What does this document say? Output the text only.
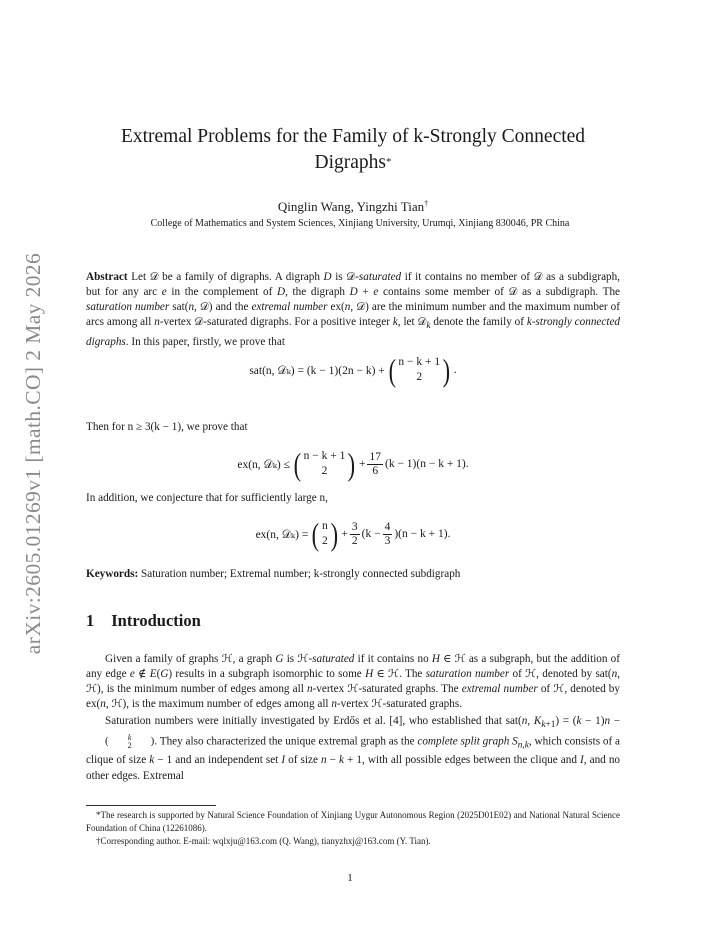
arXiv:2605.01269v1 [math.CO] 2 May 2026
Extremal Problems for the Family of k-Strongly Connected
Digraphs*
Qinglin Wang, Yingzhi Tian†
College of Mathematics and System Sciences, Xinjiang University, Urumqi, Xinjiang 830046, PR China

Abstract Let 𝒟 be a family of digraphs. A digraph D is 𝒟-saturated if it contains no member of 𝒟 as a subdigraph, but for any arc e in the complement of D, the digraph D + e contains some member of 𝒟 as a subdigraph. The saturation number sat(n, 𝒟) and the extremal number ex(n, 𝒟) are the minimum number and the maximum number of arcs among all n-vertex 𝒟-saturated digraphs. For a positive integer k, let 𝒟$_k$ denote the family of k-strongly connected digraphs. In this paper, firstly, we prove that

sat(n, 𝒟ₖ) = (k − 1)(2n − k) + ( n − k + 1
2 ) .
Then for n ≥ 3(k − 1), we prove that
ex(n, 𝒟ₖ) ≤ ( n − k + 1
2 ) + $\frac{17}{6} (k - 1)(n - k + 1)$.
In addition, we conjecture that for sufficiently large n,
ex(n, 𝒟ₖ) = ( n
2 ) + $\frac{3}{2} (k - \frac{4}{3} )(n - k + 1)$.
Keywords: Saturation number; Extremal number; k-strongly connected subdigraph
1 Introduction

Given a family of graphs ℋ, a graph G is ℋ-saturated if it contains no H ∈ ℋ as a subgraph, but the addition of any edge e ∉ E(G) results in a subgraph isomorphic to some H ∈ ℋ. The saturation number of ℋ, denoted by sat(n, ℋ), is the minimum number of edges among all n-vertex ℋ-saturated graphs. The extremal number of ℋ, denoted by ex(n, ℋ), is the maximum number of edges among all n-vertex ℋ-saturated graphs.

Saturation numbers were initially investigated by Erdős et al. [4], who established that sat(n, $K_{k+1}) = (k - 1)n$ − (	k
2 ). They also characterized the unique extremal graph as the complete split graph $S_{n,k}$, which consists of a clique of size k − 1 and an independent set I of size n − k + 1, with all possible edges between the clique and I, and no other edges. Extremal

*The research is supported by Natural Science Foundation of Xinjiang Uygur Autonomous Region (2025D01E02) and National Natural Science Foundation of China (12261086).

†Corresponding author. E-mail: wqlxju@163.com (Q. Wang), tianyzhxj@163.com (Y. Tian).

1
